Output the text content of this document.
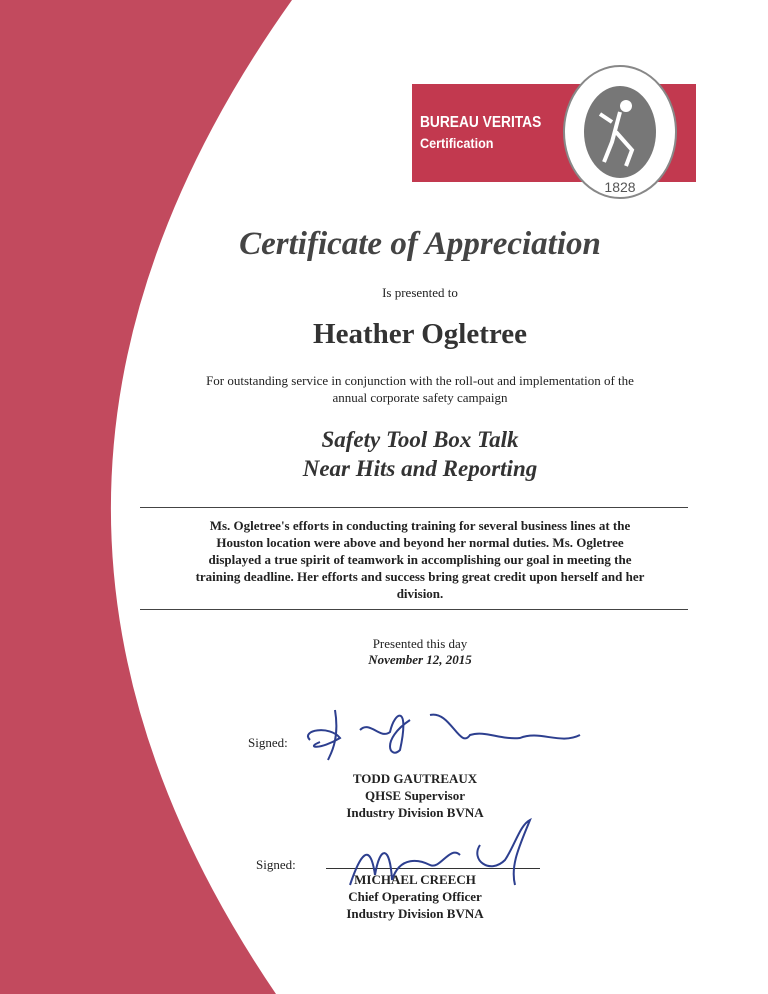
BUREAU VERITAS
Certification
1828
Certificate of Appreciation
Is presented to
Heather Ogletree
For outstanding service in conjunction with the roll-out and implementation of the
annual corporate safety campaign
Safety Tool Box Talk
Near Hits and Reporting
Ms. Ogletree's efforts in conducting training for several business lines at the
Houston location were above and beyond her normal duties. Ms. Ogletree
displayed a true spirit of teamwork in accomplishing our goal in meeting the
training deadline. Her efforts and success bring great credit upon herself and her
division.
Presented this day
November 12, 2015
Signed:
TODD GAUTREAUX
QHSE Supervisor
Industry Division BVNA
Signed:
MICHAEL CREECH
Chief Operating Officer
Industry Division BVNA
